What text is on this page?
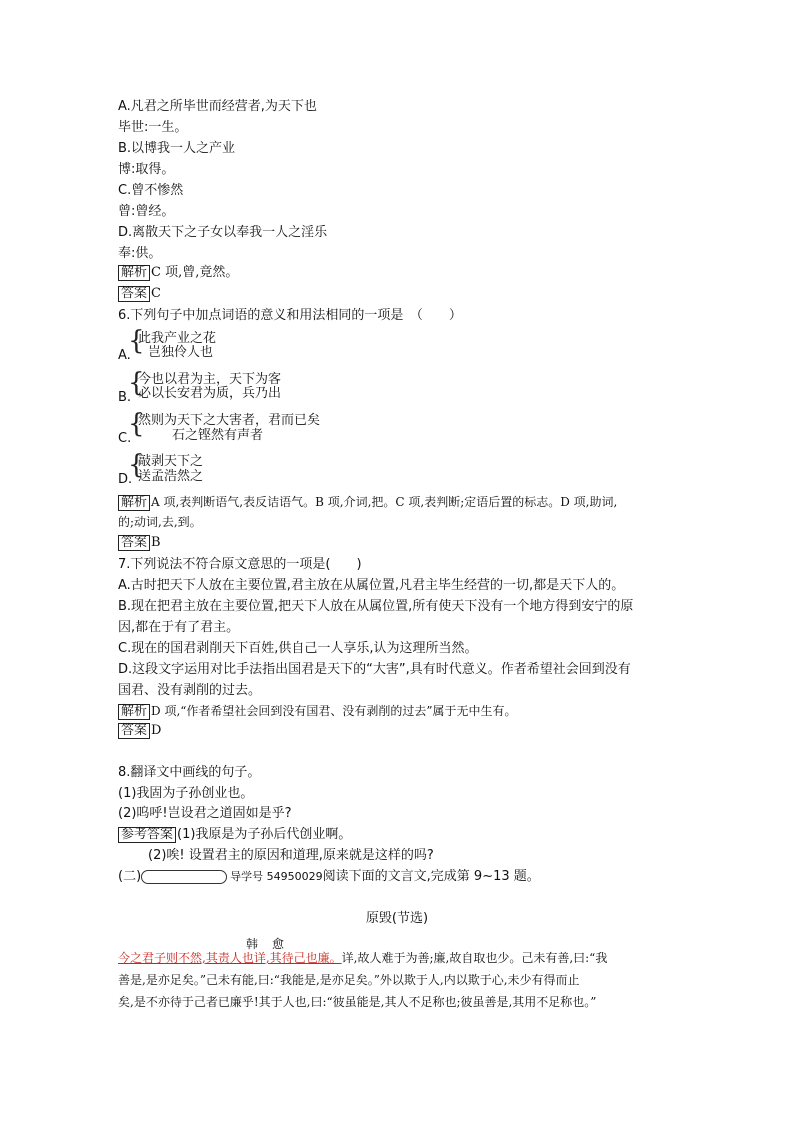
A.凡君之所毕世而经营者,为天下也
毕世:一生。
B.以博我一人之产业
博:取得。
C.曾不惨然
曾:曾经。
D.离散天下之子女以奉我一人之淫乐
奉:供。
解析 C 项,曾,竟然。
答案 C
6.下列句子中加点词语的意义和用法相同的一项是　（　　）
A.
{
此我产业之花
岂独伶人也
B.
{
今也以君为主，天下为客
必以长安君为质，兵乃出
C.
{
然则为天下之大害者，君而已矣
石之铿然有声者
D.
{
敲剥天下之
送孟浩然之
解析 A 项,表判断语气,表反诘语气。B 项,介词,把。C 项,表判断;定语后置的标志。D 项,助词,
的;动词,去,到。
答案 B
7.下列说法不符合原文意思的一项是(　　)
A.古时把天下人放在主要位置,君主放在从属位置,凡君主毕生经营的一切,都是天下人的。
B.现在把君主放在主要位置,把天下人放在从属位置,所有使天下没有一个地方得到安宁的原
因,都在于有了君主。
C.现在的国君剥削天下百姓,供自己一人享乐,认为这理所当然。
D.这段文字运用对比手法指出国君是天下的“大害”,具有时代意义。作者希望社会回到没有
国君、没有剥削的过去。
解析 D 项,“作者希望社会回到没有国君、没有剥削的过去”属于无中生有。
答案 D
8.翻译文中画线的句子。
(1)我固为子孙创业也。
(2)呜呼!岂设君之道固如是乎?
参考答案 (1)我原是为子孙后代创业啊。
(2)唉! 设置君主的原因和道理,原来就是这样的吗?
(二)	导学号 54950029阅读下面的文言文,完成第 9~13 题。
原毁(节选)
韩愈
今之君子则不然,其责人也详,其待己也廉。详,故人难于为善;廉,故自取也少。己未有善,曰:“我
善是,是亦足矣。”己未有能,曰:“我能是,是亦足矣。”外以欺于人,内以欺于心,未少有得而止
矣,是不亦待于己者已廉乎!其于人也,曰:“彼虽能是,其人不足称也;彼虽善是,其用不足称也。”
